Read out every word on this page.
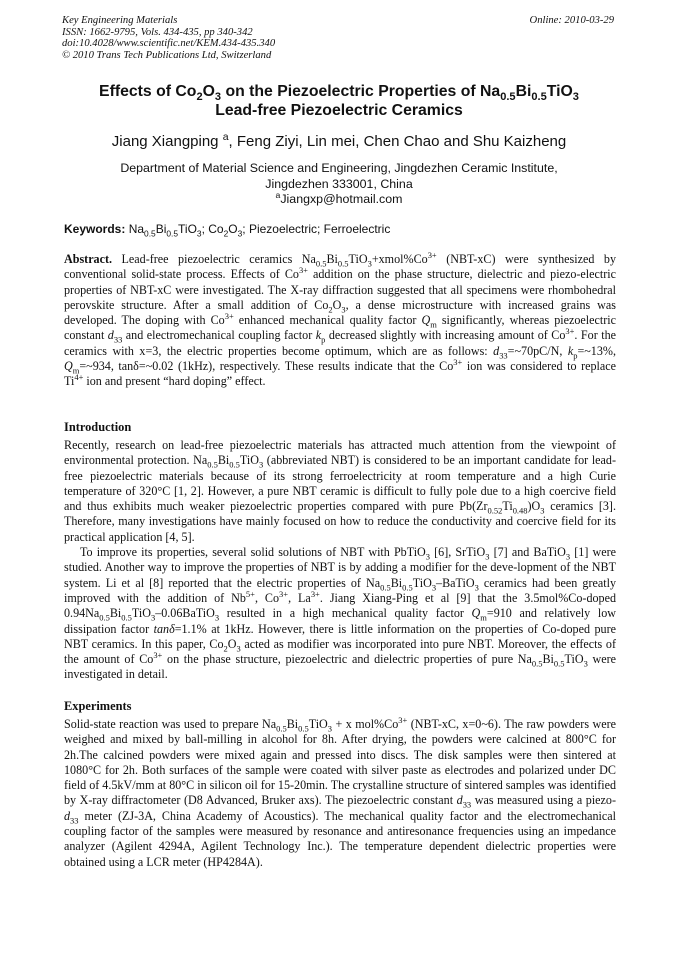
Key Engineering Materials
ISSN: 1662-9795, Vols. 434-435, pp 340-342
doi:10.4028/www.scientific.net/KEM.434-435.340
© 2010 Trans Tech Publications Ltd, Switzerland
Online: 2010-03-29
Effects of $Co_2O_3$ on the Piezoelectric Properties of $Na_{0.5}Bi_{0.5}TiO_3$
Lead-free Piezoelectric Ceramics
Jiang Xiangping $^a$, Feng Ziyi, Lin mei, Chen Chao and Shu Kaizheng
Department of Material Science and Engineering, Jingdezhen Ceramic Institute,
Jingdezhen 333001, China
$^a$Jiangxp@hotmail.com
Keywords: $Na_{0.5}Bi_{0.5}TiO_3$; $Co_2O_3$; Piezoelectric; Ferroelectric

Abstract. Lead-free piezoelectric ceramics $Na_{0.5}Bi_{0.5}TiO_3+xmol\%Co^{3+}$ (NBT-xC) were synthesized by conventional solid-state process. Effects of $Co^{3+}$ addition on the phase structure, dielectric and piezo-electric properties of NBT-xC were investigated. The X-ray diffraction suggested that all specimens were rhombohedral perovskite structure. After a small addition of $Co_2O_3$, a dense microstructure with increased grains was developed. The doping with $Co^{3+}$ enhanced mechanical quality factor $Q_m$ significantly, whereas piezoelectric constant $d_{33}$ and electromechanical coupling factor $k_p$ decreased slightly with increasing amount of $Co^{3+}$. For the ceramics with x=3, the electric properties become optimum, which are as follows: $d_{33}=\sim 70pC/N$, $k_p=\sim 13\%$, $Q_m=\sim 934$, tanδ=~0.02 (1kHz), respectively. These results indicate that the $Co^{3+}$ ion was considered to replace $Ti^{4+}$ ion and present “hard doping” effect.

Introduction

Recently, research on lead-free piezoelectric materials has attracted much attention from the viewpoint of environmental protection. $Na_{0.5}Bi_{0.5}TiO_3$ (abbreviated NBT) is considered to be an important candidate for lead-free piezoelectric materials because of its strong ferroelectricity at room temperature and a high Curie temperature of 320°C [1, 2]. However, a pure NBT ceramic is difficult to fully pole due to a high coercive field and thus exhibits much weaker piezoelectric properties compared with pure $Pb(Zr_{0.52}Ti_{0.48})O_3$ ceramics [3]. Therefore, many investigations have mainly focused on how to reduce the conductivity and coercive field for its practical application [4, 5].

To improve its properties, several solid solutions of NBT with PbTiO$_3$ [6], SrTiO$_3$ [7] and BaTiO$_3$ [1] were studied. Another way to improve the properties of NBT is by adding a modifier for the deve-lopment of the NBT system. Li et al [8] reported that the electric properties of $Na_{0.5}Bi_{0.5}TiO_3-BaTiO_3$ ceramics had been greatly improved with the addition of $Nb^{5+}$, $Co^{3+}$, $La^{3+}$. Jiang Xiang-Ping et al [9] that the 3.5mol%Co-doped $0.94Na_{0.5}Bi_{0.5}TiO_3-0.06BaTiO_3$ resulted in a high mechanical quality factor $Q_m=910$ and relatively low dissipation factor tanδ=1.1% at 1kHz. However, there is little information on the properties of Co-doped pure NBT ceramics. In this paper, $Co_2O_3$ acted as modifier was incorporated into pure NBT. Moreover, the effects of the amount of $Co^{3+}$ on the phase structure, piezoelectric and dielectric properties of pure $Na_{0.5}Bi_{0.5}TiO_3$ were investigated in detail.

Experiments

Solid-state reaction was used to prepare $Na_{0.5}Bi_{0.5}TiO_3 + x$ $mol\%Co^{3+}$ (NBT-xC, x=0~6). The raw powders were weighed and mixed by ball-milling in alcohol for 8h. After drying, the powders were calcined at 800°C for 2h.The calcined powders were mixed again and pressed into discs. The disk samples were then sintered at 1080°C for 2h. Both surfaces of the sample were coated with silver paste as electrodes and polarized under DC field of 4.5kV/mm at 80°C in silicon oil for 15-20min. The crystalline structure of sintered samples was identified by X-ray diffractometer (D8 Advanced, Bruker axs). The piezoelectric constant $d_{33}$ was measured using a piezo-$d_{33}$ meter (ZJ-3A, China Academy of Acoustics). The mechanical quality factor and the electromechanical coupling factor of the samples were measured by resonance and antiresonance frequencies using an impedance analyzer (Agilent 4294A, Agilent Technology Inc.). The temperature dependent dielectric properties were obtained using a LCR meter (HP4284A).
